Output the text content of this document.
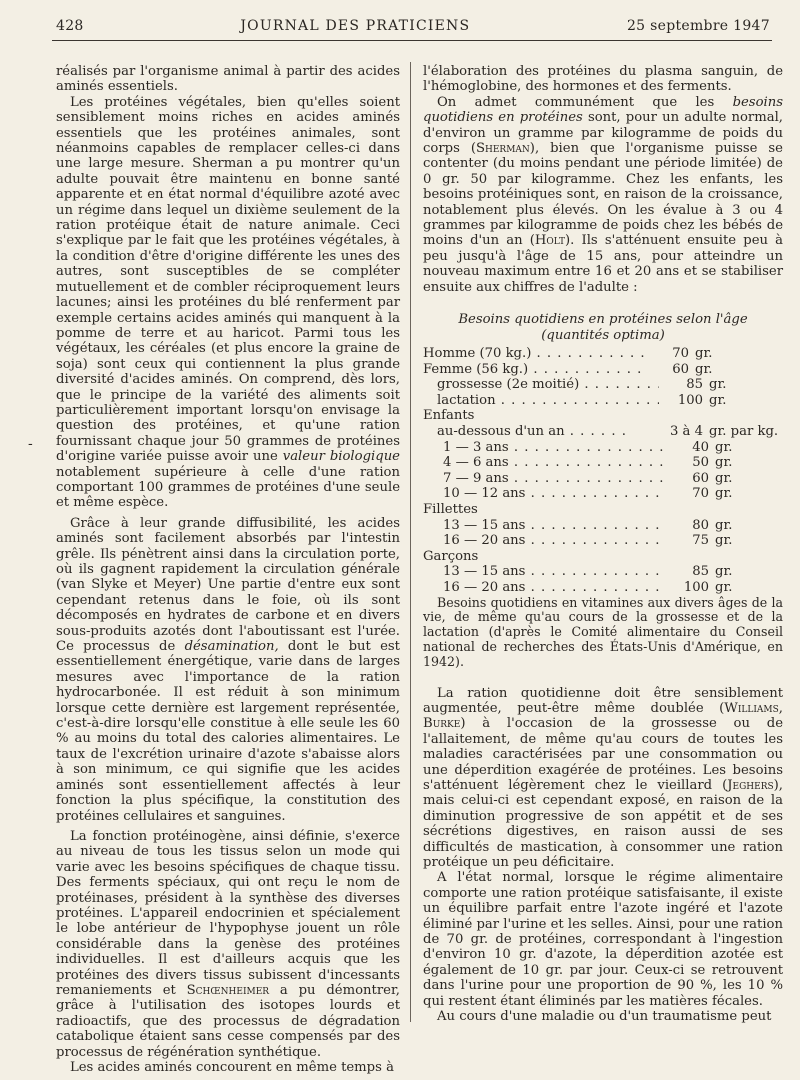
428	JOURNAL DES PRATICIENS	25 septembre 1947
-

réalisés par l'organisme animal à partir des acides aminés essentiels.

Les protéines végétales, bien qu'elles soient sensiblement moins riches en acides aminés essentiels que les protéines animales, sont néanmoins capables de remplacer celles-ci dans une large mesure. Sherman a pu montrer qu'un adulte pouvait être maintenu en bonne santé apparente et en état normal d'équilibre azoté avec un régime dans lequel un dixième seulement de la ration protéique était de nature animale. Ceci s'explique par le fait que les protéines végétales, à la condition d'être d'origine différente les unes des autres, sont susceptibles de se compléter mutuellement et de combler réciproquement leurs lacunes; ainsi les protéines du blé renferment par exemple certains acides aminés qui manquent à la pomme de terre et au haricot. Parmi tous les végétaux, les céréales (et plus encore la graine de soja) sont ceux qui contiennent la plus grande diversité d'acides aminés. On comprend, dès lors, que le principe de la variété des aliments soit particulièrement important lorsqu'on envisage la question des protéines, et qu'une ration fournissant chaque jour 50 grammes de protéines d'origine variée puisse avoir une valeur biologique notablement supérieure à celle d'une ration comportant 100 grammes de protéines d'une seule et même espèce.

Grâce à leur grande diffusibilité, les acides aminés sont facilement absorbés par l'intestin grêle. Ils pénètrent ainsi dans la circulation porte, où ils gagnent rapidement la circulation générale (van Slyke et Meyer) Une partie d'entre eux sont cependant retenus dans le foie, où ils sont décomposés en hydrates de carbone et en divers sous-produits azotés dont l'aboutissant est l'urée. Ce processus de désamination, dont le but est essentiellement énergétique, varie dans de larges mesures avec l'importance de la ration hydrocarbonée. Il est réduit à son minimum lorsque cette dernière est largement représentée, c'est-à-dire lorsqu'elle constitue à elle seule les 60 % au moins du total des calories alimentaires. Le taux de l'excrétion urinaire d'azote s'abaisse alors à son minimum, ce qui signifie que les acides aminés sont essentiellement affectés à leur fonction la plus spécifique, la constitution des protéines cellulaires et sanguines.

La fonction protéinogène, ainsi définie, s'exerce au niveau de tous les tissus selon un mode qui varie avec les besoins spécifiques de chaque tissu. Des ferments spéciaux, qui ont reçu le nom de protéinases, président à la synthèse des diverses protéines. L'appareil endocrinien et spécialement le lobe antérieur de l'hypophyse jouent un rôle considérable dans la genèse des protéines individuelles. Il est d'ailleurs acquis que les protéines des divers tissus subissent d'incessants remaniements et Schœnheimer a pu démontrer, grâce à l'utilisation des isotopes lourds et radioactifs, que des processus de dégradation catabolique étaient sans cesse compensés par des processus de régénération synthétique.

Les acides aminés concourent en même temps à

l'élaboration des protéines du plasma sanguin, de l'hémoglobine, des hormones et des ferments.

On admet communément que les besoins quotidiens en protéines sont, pour un adulte normal, d'environ un gramme par kilogramme de poids du corps (Sherman), bien que l'organisme puisse se contenter (du moins pendant une période limitée) de 0 gr. 50 par kilogramme. Chez les enfants, les besoins protéiniques sont, en raison de la croissance, notablement plus élevés. On les évalue à 3 ou 4 grammes par kilogramme de poids chez les bébés de moins d'un an (Holt). Ils s'atténuent ensuite peu à peu jusqu'à l'âge de 15 ans, pour atteindre un nouveau maximum entre 16 et 20 ans et se stabiliser ensuite aux chiffres de l'adulte :

Besoins quotidiens en protéines selon l'âge
(quantités optima)
Homme (70 kg.) . . .	70 gr.
Femme (56 kg.) . . .	60 gr.
grossesse (2e moitié) . . .	85 gr.
lactation . . .	100 gr.
Enfants
au-dessous d'un an . . .	3 à 4 gr. par kg.
1 — 3 ans . . .	40 gr.
4 — 6 ans . . .	50 gr.
7 — 9 ans . . .	60 gr.
10 — 12 ans . . .	70 gr.
Fillettes
13 — 15 ans . . .	80 gr.
16 — 20 ans . . .	75 gr.
Garçons
13 — 15 ans . . .	85 gr.
16 — 20 ans . . .	100 gr.

Besoins quotidiens en vitamines aux divers âges de la vie, de même qu'au cours de la grossesse et de la lactation (d'après le Comité alimentaire du Conseil national de recherches des États-Unis d'Amérique, en 1942).

La ration quotidienne doit être sensiblement augmentée, peut-être même doublée (Williams, Burke) à l'occasion de la grossesse ou de l'allaitement, de même qu'au cours de toutes les maladies caractérisées par une consommation ou une déperdition exagérée de protéines. Les besoins s'atténuent légèrement chez le vieillard (Jeghers), mais celui-ci est cependant exposé, en raison de la diminution progressive de son appétit et de ses sécrétions digestives, en raison aussi de ses difficultés de mastication, à consommer une ration protéique un peu déficitaire.

A l'état normal, lorsque le régime alimentaire comporte une ration protéique satisfaisante, il existe un équilibre parfait entre l'azote ingéré et l'azote éliminé par l'urine et les selles. Ainsi, pour une ration de 70 gr. de protéines, correspondant à l'ingestion d'environ 10 gr. d'azote, la déperdition azotée est également de 10 gr. par jour. Ceux-ci se retrouvent dans l'urine pour une proportion de 90 %, les 10 % qui restent étant éliminés par les matières fécales.

Au cours d'une maladie ou d'un traumatisme peut
